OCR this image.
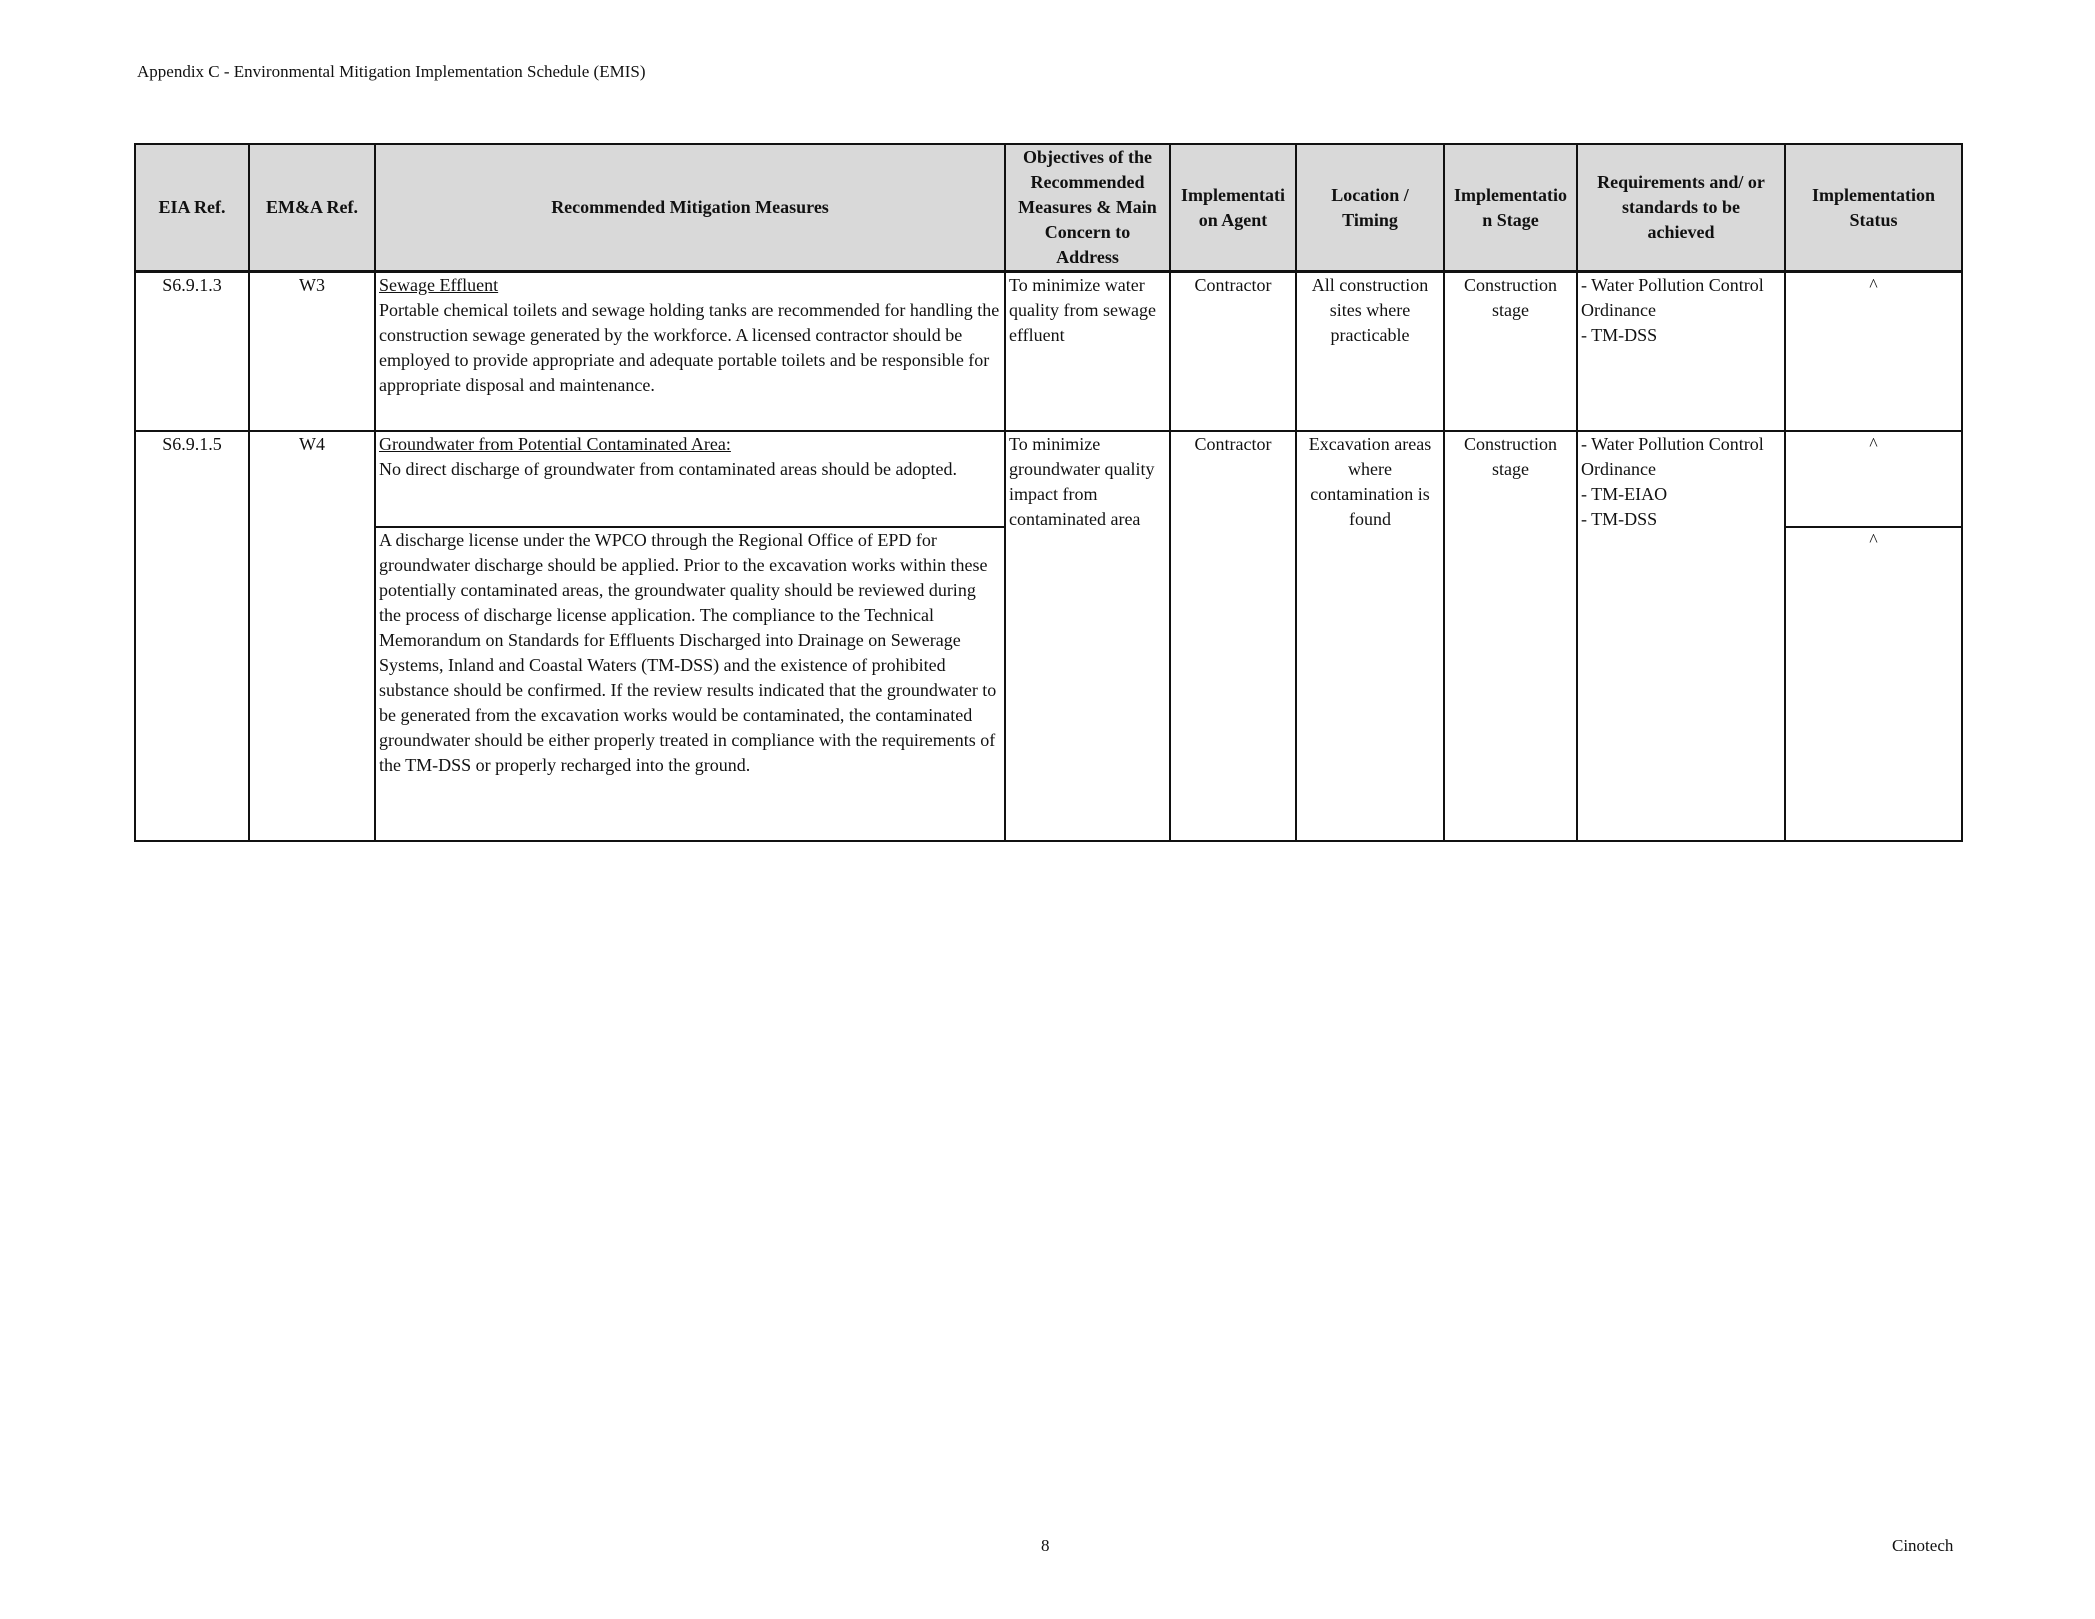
Appendix C - Environmental Mitigation Implementation Schedule (EMIS)
EIA Ref.	EM&A Ref.	Recommended Mitigation Measures	Objectives of the
Recommended
Measures & Main
Concern to
Address	Implementati
on Agent	Location /
Timing	Implementatio
n Stage	Requirements and/ or
standards to be
achieved	Implementation
Status

S6.9.1.3	W3	Sewage Effluent
Portable chemical toilets and sewage holding tanks are recommended for handling the construction sewage generated by the workforce. A licensed contractor should be employed to provide appropriate and adequate portable toilets and be responsible for appropriate disposal and maintenance.	To minimize water quality from sewage effluent	Contractor	All construction sites where practicable	Construction stage	- Water Pollution Control Ordinance
- TM-DSS	^
S6.9.1.5	W4	Groundwater from Potential Contaminated Area:
No direct discharge of groundwater from contaminated areas should be adopted.	To minimize groundwater quality impact from contaminated area	Contractor	Excavation areas where contamination is found	Construction stage	- Water Pollution Control Ordinance
- TM-EIAO
- TM-DSS	^
		A discharge license under the WPCO through the Regional Office of EPD for groundwater discharge should be applied. Prior to the excavation works within these potentially contaminated areas, the groundwater quality should be reviewed during the process of discharge license application. The compliance to the Technical Memorandum on Standards for Effluents Discharged into Drainage on Sewerage Systems, Inland and Coastal Waters (TM-DSS) and the existence of prohibited substance should be confirmed. If the review results indicated that the groundwater to be generated from the excavation works would be contaminated, the contaminated groundwater should be either properly treated in compliance with the requirements of the TM-DSS or properly recharged into the ground.						^
8	Cinotech
